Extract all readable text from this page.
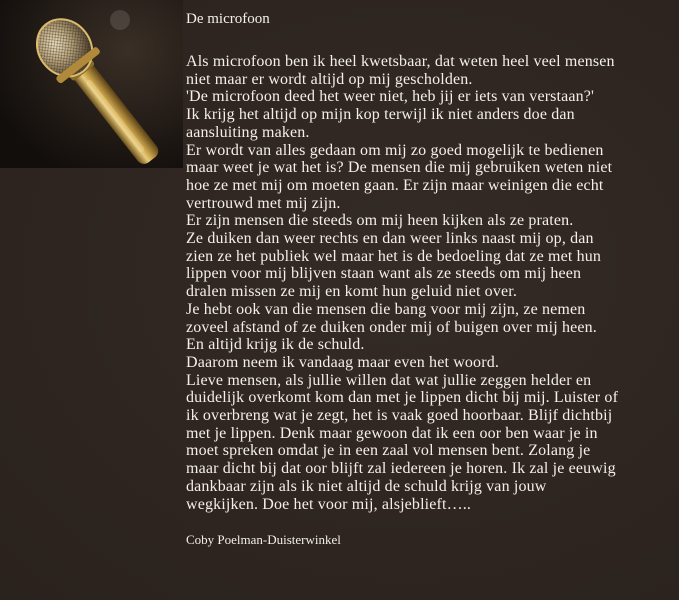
De microfoon
Als microfoon ben ik heel kwetsbaar, dat weten heel veel mensen
niet maar er wordt altijd op mij gescholden.
'De microfoon deed het weer niet, heb jij er iets van verstaan?'
Ik krijg het altijd op mijn kop terwijl ik niet anders doe dan
aansluiting maken.
Er wordt van alles gedaan om mij zo goed mogelijk te bedienen
maar weet je wat het is? De mensen die mij gebruiken weten niet
hoe ze met mij om moeten gaan. Er zijn maar weinigen die echt
vertrouwd met mij zijn.
Er zijn mensen die steeds om mij heen kijken als ze praten.
Ze duiken dan weer rechts en dan weer links naast mij op, dan
zien ze het publiek wel maar het is de bedoeling dat ze met hun
lippen voor mij blijven staan want als ze steeds om mij heen
dralen missen ze mij en komt hun geluid niet over.
Je hebt ook van die mensen die bang voor mij zijn, ze nemen
zoveel afstand of ze duiken onder mij of buigen over mij heen.
En altijd krijg ik de schuld.
Daarom neem ik vandaag maar even het woord.
Lieve mensen, als jullie willen dat wat jullie zeggen helder en
duidelijk overkomt kom dan met je lippen dicht bij mij. Luister of
ik overbreng wat je zegt, het is vaak goed hoorbaar. Blijf dichtbij
met je lippen. Denk maar gewoon dat ik een oor ben waar je in
moet spreken omdat je in een zaal vol mensen bent. Zolang je
maar dicht bij dat oor blijft zal iedereen je horen. Ik zal je eeuwig
dankbaar zijn als ik niet altijd de schuld krijg van jouw
wegkijken. Doe het voor mij, alsjeblieft…..
Coby Poelman-Duisterwinkel
